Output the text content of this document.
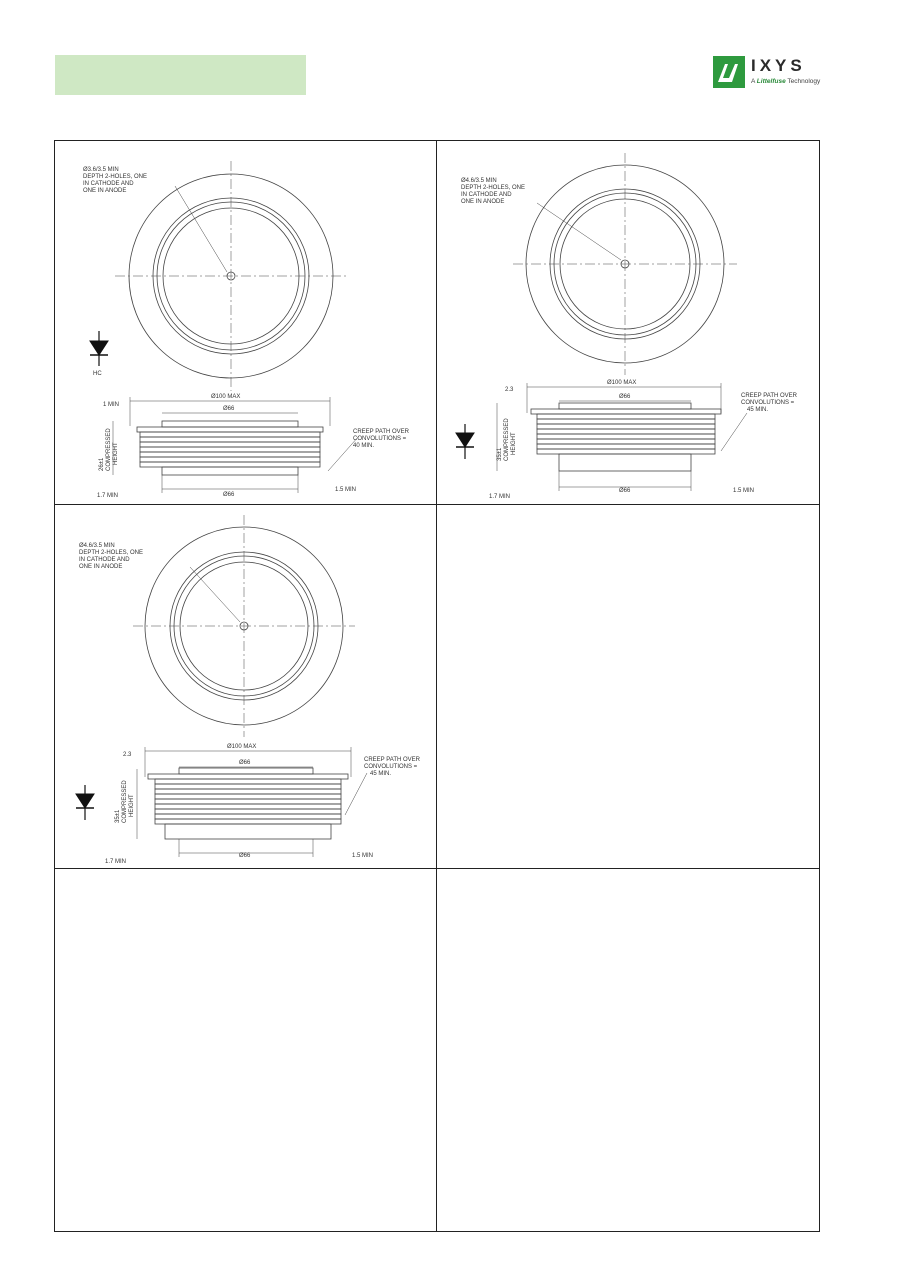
IXYS
A Littelfuse Technology
Ø3.6/3.5 MIN
DEPTH 2-HOLES, ONE
IN CATHODE AND
ONE IN ANODE
HC
Ø100 MAX
Ø66
Ø66
1 MIN
1.7 MIN
1.5 MIN
CREEP PATH OVER
CONVOLUTIONS =
40 MIN.
26±1 COMPRESSED HEIGHT
Ø4.6/3.5 MIN
DEPTH 2-HOLES, ONE
IN CATHODE AND
ONE IN ANODE
Ø100 MAX
Ø66
Ø66
2.3
1.7 MIN
1.5 MIN
CREEP PATH OVER
CONVOLUTIONS =
45 MIN.
35±1 COMPRESSED HEIGHT
Ø4.6/3.5 MIN
DEPTH 2-HOLES, ONE
IN CATHODE AND
ONE IN ANODE
Ø100 MAX
Ø66
Ø66
2.3
1.7 MIN
1.5 MIN
CREEP PATH OVER
CONVOLUTIONS =
45 MIN.
35±1 COMPRESSED HEIGHT
